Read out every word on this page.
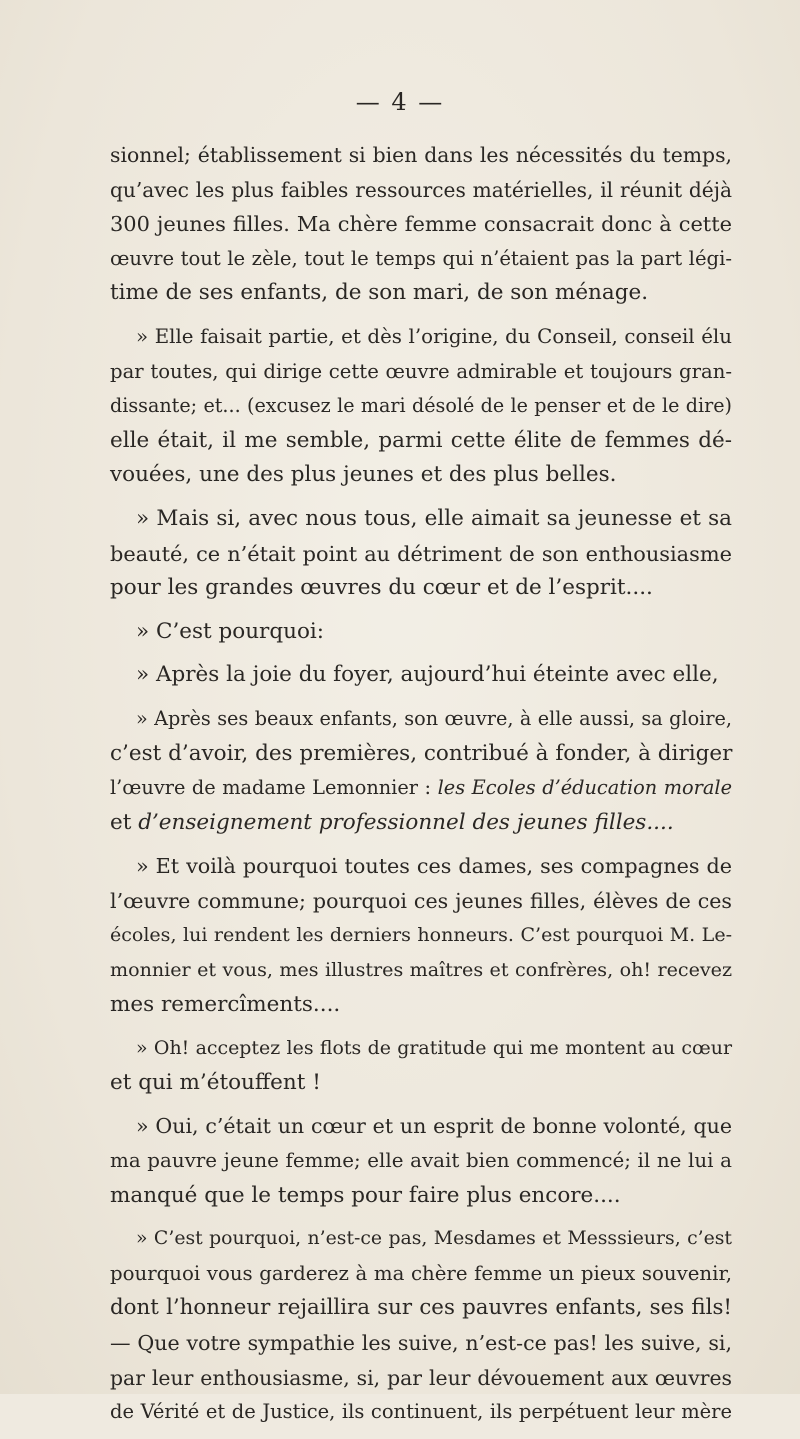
— 4 —

sionnel; établissement si bien dans les nécessités du temps,
qu’avec les plus faibles ressources matérielles, il réunit déjà
300 jeunes filles. Ma chère femme consacrait donc à cette
œuvre tout le zèle, tout le temps qui n’étaient pas la part légi-
time de ses enfants, de son mari, de son ménage.

» Elle faisait partie, et dès l’origine, du Conseil, conseil élu
par toutes, qui dirige cette œuvre admirable et toujours gran-
dissante; et... (excusez le mari désolé de le penser et de le dire)
elle était, il me semble, parmi cette élite de femmes dé-
vouées, une des plus jeunes et des plus belles.

» Mais si, avec nous tous, elle aimait sa jeunesse et sa
beauté, ce n’était point au détriment de son enthousiasme
pour les grandes œuvres du cœur et de l’esprit....

» C’est pourquoi:

» Après la joie du foyer, aujourd’hui éteinte avec elle,

» Après ses beaux enfants, son œuvre, à elle aussi, sa gloire,
c’est d’avoir, des premières, contribué à fonder, à diriger
l’œuvre de madame Lemonnier : les Ecoles d’éducation morale
et d’enseignement professionnel des jeunes filles....

» Et voilà pourquoi toutes ces dames, ses compagnes de
l’œuvre commune; pourquoi ces jeunes filles, élèves de ces
écoles, lui rendent les derniers honneurs. C’est pourquoi M. Le-
monnier et vous, mes illustres maîtres et confrères, oh! recevez
mes remercîments....

» Oh! acceptez les flots de gratitude qui me montent au cœur
et qui m’étouffent !

» Oui, c’était un cœur et un esprit de bonne volonté, que
ma pauvre jeune femme; elle avait bien commencé; il ne lui a
manqué que le temps pour faire plus encore....

» C’est pourquoi, n’est-ce pas, Mesdames et Messsieurs, c’est
pourquoi vous garderez à ma chère femme un pieux souvenir,
dont l’honneur rejaillira sur ces pauvres enfants, ses fils!
— Que votre sympathie les suive, n’est-ce pas! les suive, si,
par leur enthousiasme, si, par leur dévouement aux œuvres
de Vérité et de Justice, ils continuent, ils perpétuent leur mère
